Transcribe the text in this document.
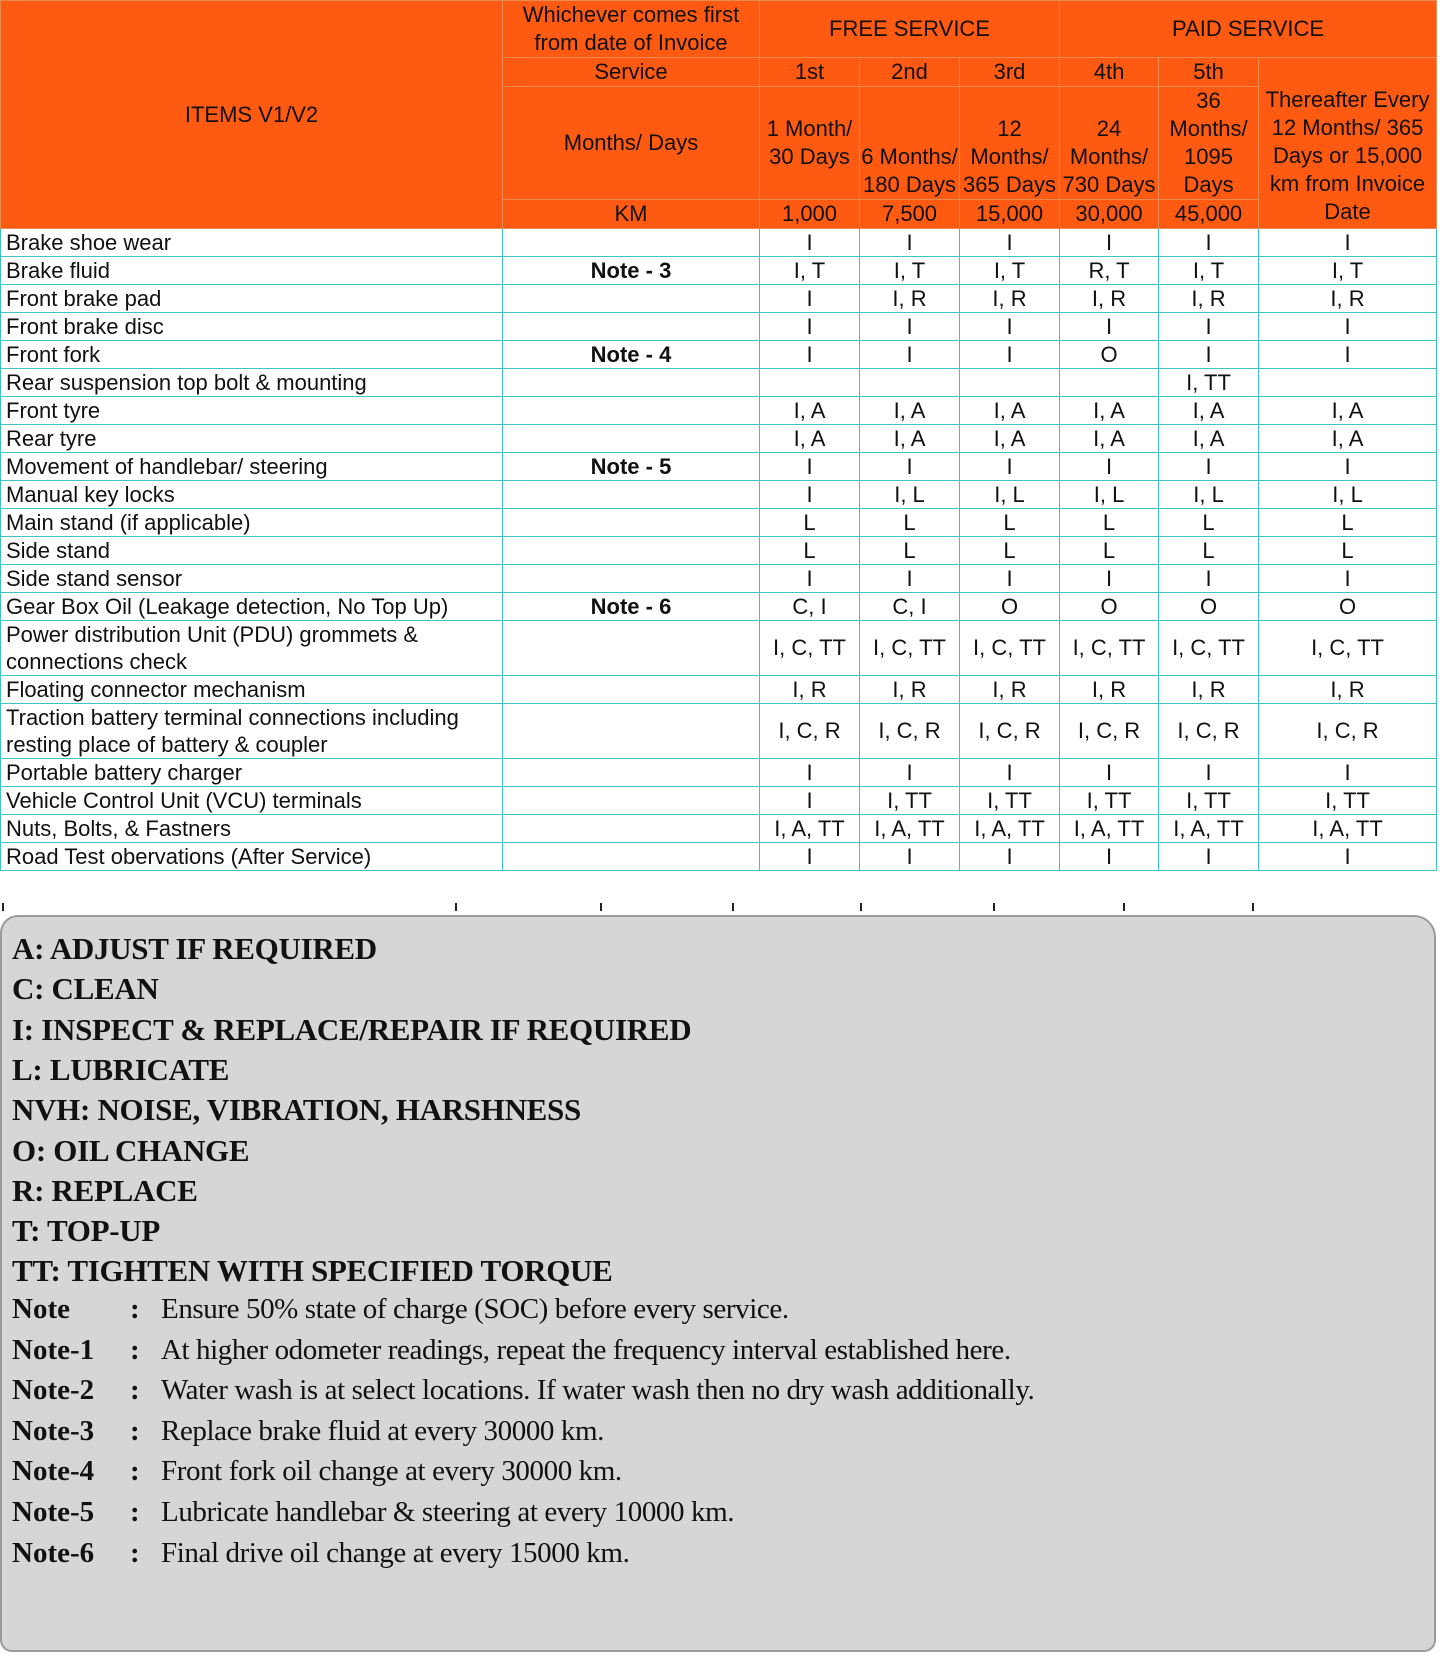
ITEMS V1/V2	Whichever comes first from date of Invoice	FREE SERVICE			PAID SERVICE		
	Service	1st	2nd	3rd	4th	5th	Thereafter Every 12 Months/ 365 Days or 15,000 km from Invoice Date
	Months/ Days	1 Month/ 30 Days	6 Months/ 180 Days	12 Months/ 365 Days	24 Months/ 730 Days	36 Months/ 1095 Days	
	KM	1,000	7,500	15,000	30,000	45,000	
Brake shoe wear		I	I	I	I	I	I
Brake fluid	Note - 3	I, T	I, T	I, T	R, T	I, T	I, T
Front brake pad		I	I, R	I, R	I, R	I, R	I, R
Front brake disc		I	I	I	I	I	I
Front fork	Note - 4	I	I	I	O	I	I
Rear suspension top bolt & mounting						I, TT	
Front tyre		I, A	I, A	I, A	I, A	I, A	I, A
Rear tyre		I, A	I, A	I, A	I, A	I, A	I, A
Movement of handlebar/ steering	Note - 5	I	I	I	I	I	I
Manual key locks		I	I, L	I, L	I, L	I, L	I, L
Main stand (if applicable)		L	L	L	L	L	L
Side stand		L	L	L	L	L	L
Side stand sensor		I	I	I	I	I	I
Gear Box Oil (Leakage detection, No Top Up)	Note - 6	C, I	C, I	O	O	O	O
Power distribution Unit (PDU) grommets & connections check		I, C, TT	I, C, TT	I, C, TT	I, C, TT	I, C, TT	I, C, TT
Floating connector mechanism		I, R	I, R	I, R	I, R	I, R	I, R
Traction battery terminal connections including resting place of battery & coupler		I, C, R	I, C, R	I, C, R	I, C, R	I, C, R	I, C, R
Portable battery charger		I	I	I	I	I	I
Vehicle Control Unit (VCU) terminals		I	I, TT	I, TT	I, TT	I, TT	I, TT
Nuts, Bolts, & Fastners		I, A, TT	I, A, TT	I, A, TT	I, A, TT	I, A, TT	I, A, TT
Road Test obervations (After Service)		I	I	I	I	I	I
A: ADJUST IF REQUIRED
C: CLEAN
I: INSPECT & REPLACE/REPAIR IF REQUIRED
L: LUBRICATE
NVH: NOISE, VIBRATION, HARSHNESS
O: OIL CHANGE
R: REPLACE
T: TOP-UP
TT: TIGHTEN WITH SPECIFIED TORQUE
Note : Ensure 50% state of charge (SOC) before every service.
Note-1 : At higher odometer readings, repeat the frequency interval established here.
Note-2 : Water wash is at select locations. If water wash then no dry wash additionally.
Note-3 : Replace brake fluid at every 30000 km.
Note-4 : Front fork oil change at every 30000 km.
Note-5 : Lubricate handlebar & steering at every 10000 km.
Note-6 : Final drive oil change at every 15000 km.
